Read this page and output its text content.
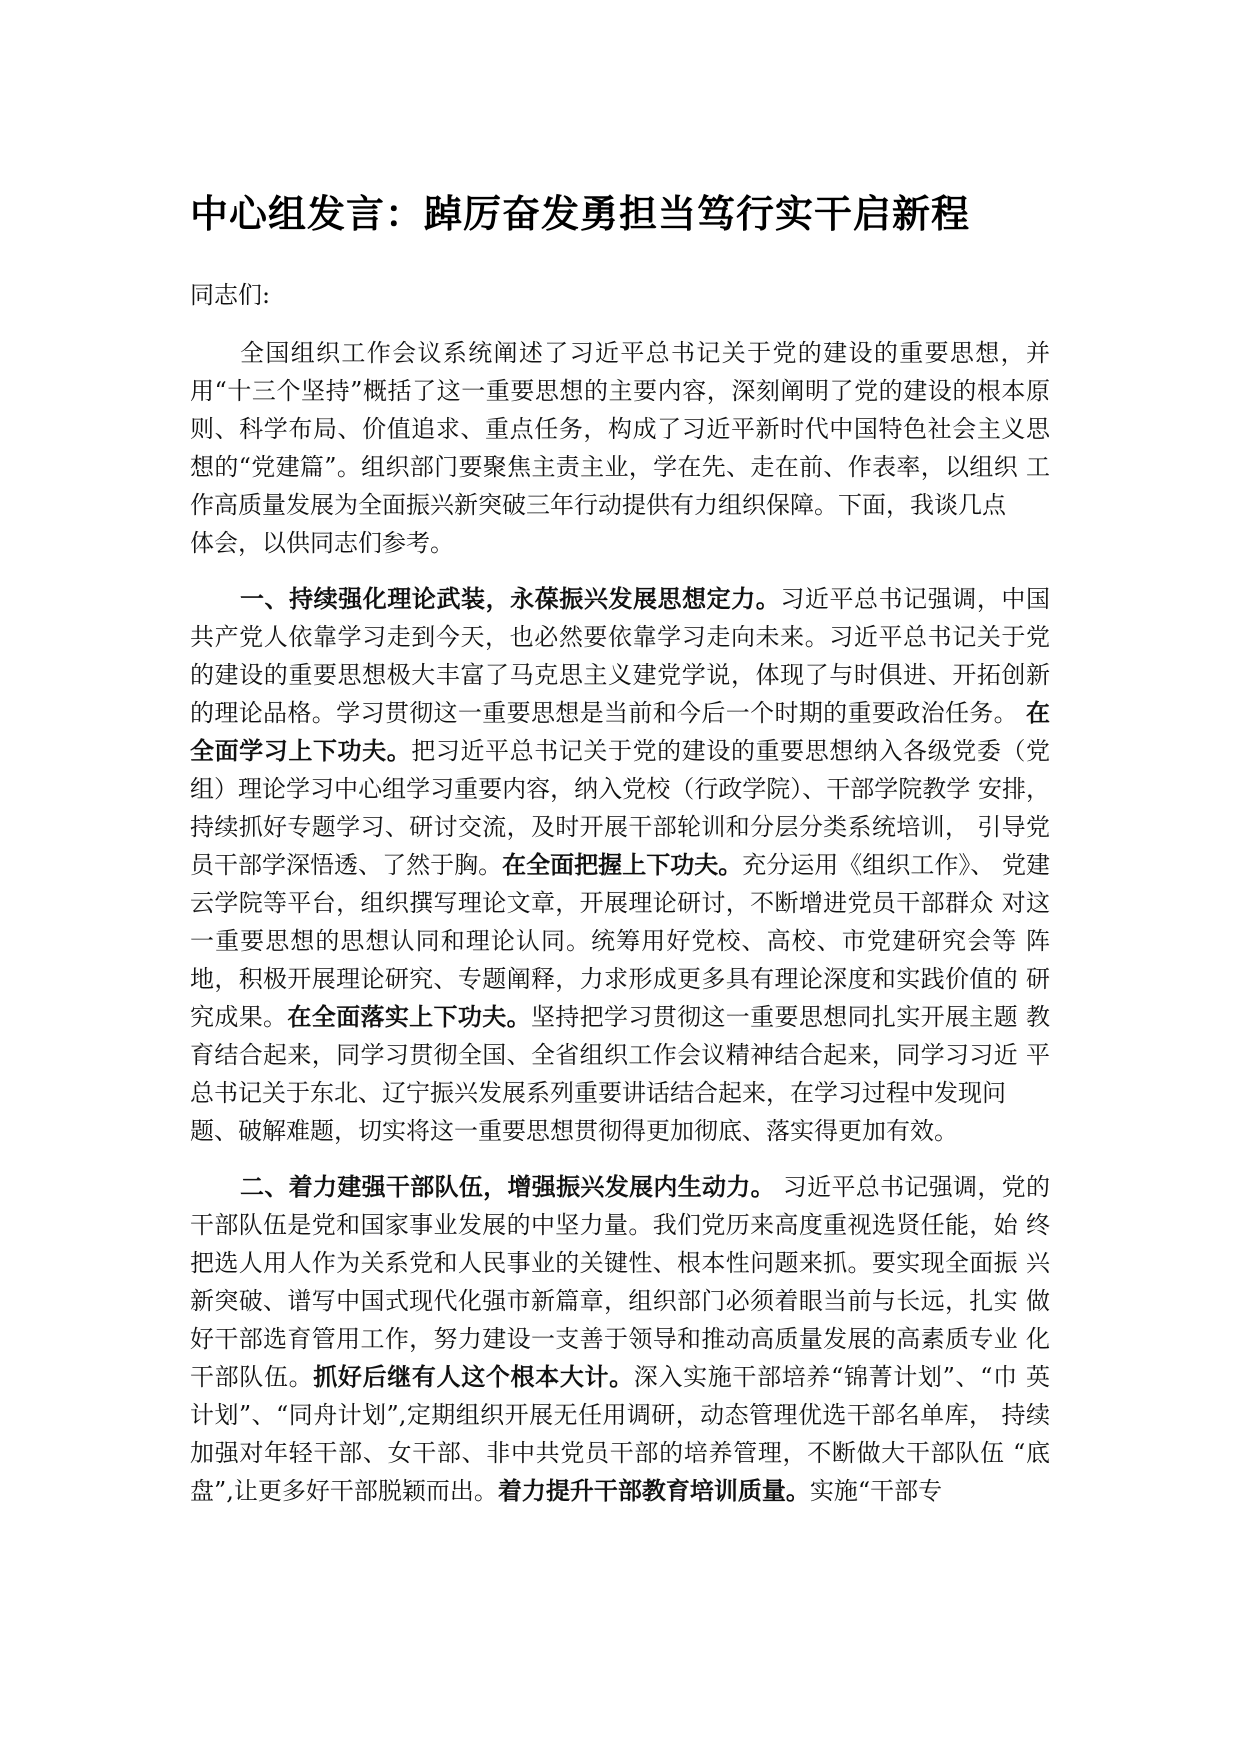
中心组发言：踔厉奋发勇担当笃行实干启新程

同志们:

全国组织工作会议系统阐述了习近平总书记关于党的建设的重要思想，并用“十三个坚持”概括了这一重要思想的主要内容，深刻阐明了党的建设的根本原 则、科学布局、价值追求、重点任务，构成了习近平新时代中国特色社会主义思 想的“党建篇”。组织部门要聚焦主责主业，学在先、走在前、作表率，以组织 工作高质量发展为全面振兴新突破三年行动提供有力组织保障。下面，我谈几点

体会，以供同志们参考。

一、持续强化理论武装，永葆振兴发展思想定力。习近平总书记强调，中国共产党人依靠学习走到今天，也必然要依靠学习走向未来。习近平总书记关于党的建设的重要思想极大丰富了马克思主义建党学说，体现了与时俱进、开拓创新的理论品格。学习贯彻这一重要思想是当前和今后一个时期的重要政治任务。 在全面学习上下功夫。把习近平总书记关于党的建设的重要思想纳入各级党委（党组）理论学习中心组学习重要内容，纳入党校（行政学院）、干部学院教学 安排，持续抓好专题学习、研讨交流，及时开展干部轮训和分层分类系统培训， 引导党员干部学深悟透、了然于胸。在全面把握上下功夫。充分运用《组织工作》、 党建云学院等平台，组织撰写理论文章，开展理论研讨，不断增进党员干部群众 对这一重要思想的思想认同和理论认同。统筹用好党校、高校、市党建研究会等 阵地，积极开展理论研究、专题阐释，力求形成更多具有理论深度和实践价值的 研究成果。在全面落实上下功夫。坚持把学习贯彻这一重要思想同扎实开展主题 教育结合起来，同学习贯彻全国、全省组织工作会议精神结合起来，同学习习近 平总书记关于东北、辽宁振兴发展系列重要讲话结合起来，在学习过程中发现问

题、破解难题，切实将这一重要思想贯彻得更加彻底、落实得更加有效。

二、着力建强干部队伍，增强振兴发展内生动力。 习近平总书记强调，党的干部队伍是党和国家事业发展的中坚力量。我们党历来高度重视选贤任能，始 终把选人用人作为关系党和人民事业的关键性、根本性问题来抓。要实现全面振 兴新突破、谱写中国式现代化强市新篇章，组织部门必须着眼当前与长远，扎实 做好干部选育管用工作，努力建设一支善于领导和推动高质量发展的高素质专业 化干部队伍。抓好后继有人这个根本大计。深入实施干部培养“锦菁计划”、“巾 英计划”、“同舟计划”,定期组织开展无任用调研，动态管理优选干部名单库， 持续加强对年轻干部、女干部、非中共党员干部的培养管理，不断做大干部队伍 “底盘”,让更多好干部脱颖而出。着力提升干部教育培训质量。实施“干部专
